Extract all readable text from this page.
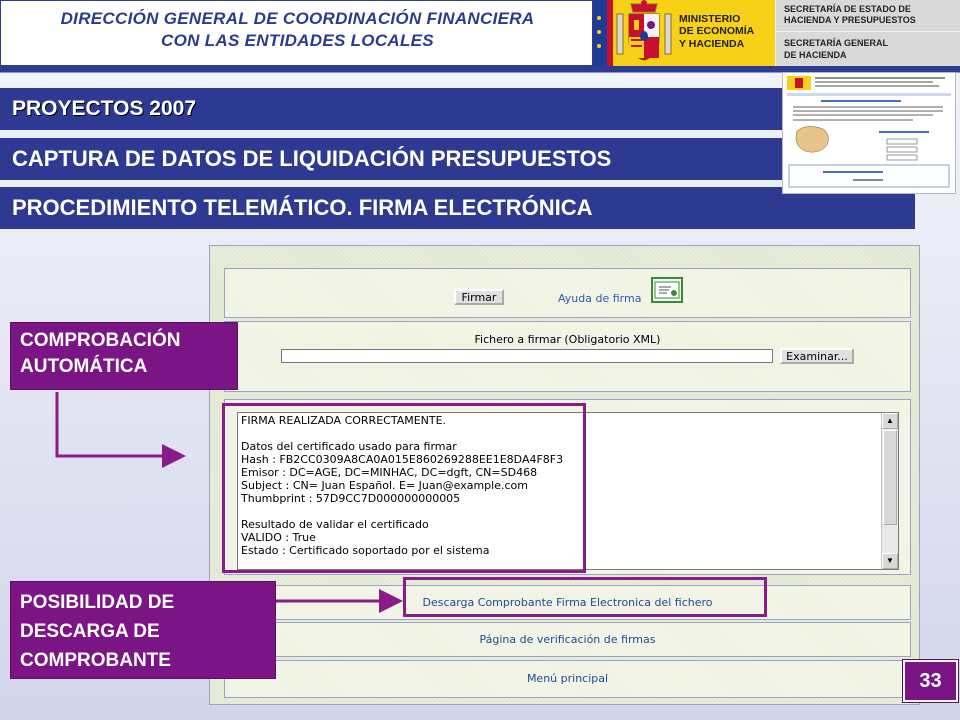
DIRECCIÓN GENERAL DE COORDINACIÓN FINANCIERA
CON LAS ENTIDADES LOCALES
MINISTERIO
DE ECONOMÍA
Y HACIENDA
SECRETARÍA DE ESTADO DE
HACIENDA Y PRESUPUESTOS
SECRETARÍA GENERAL
DE HACIENDA
PROYECTOS 2007
CAPTURA DE DATOS DE LIQUIDACIÓN PRESUPUESTOS
PROCEDIMIENTO TELEMÁTICO. FIRMA ELECTRÓNICA
Firmar	Ayuda de firma
Fichero a firmar (Obligatorio XML)
Examinar...
FIRMA REALIZADA CORRECTAMENTE.

Datos del certificado usado para firmar
Hash : FB2CC0309A8CA0A015E860269288EE1E8DA4F8F3
Emisor : DC=AGE, DC=MINHAC, DC=dgft, CN=SD468
Subject : CN= Juan Español. E= Juan@example.com
Thumbprint : 57D9CC7D000000000005

Resultado de validar el certificado
VALIDO : True
Estado : Certificado soportado por el sistema
▲
▼
Descarga Comprobante Firma Electronica del fichero
Página de verificación de firmas
Menú principal
COMPROBACIÓN
AUTOMÁTICA
POSIBILIDAD DE
DESCARGA DE
COMPROBANTE
33
